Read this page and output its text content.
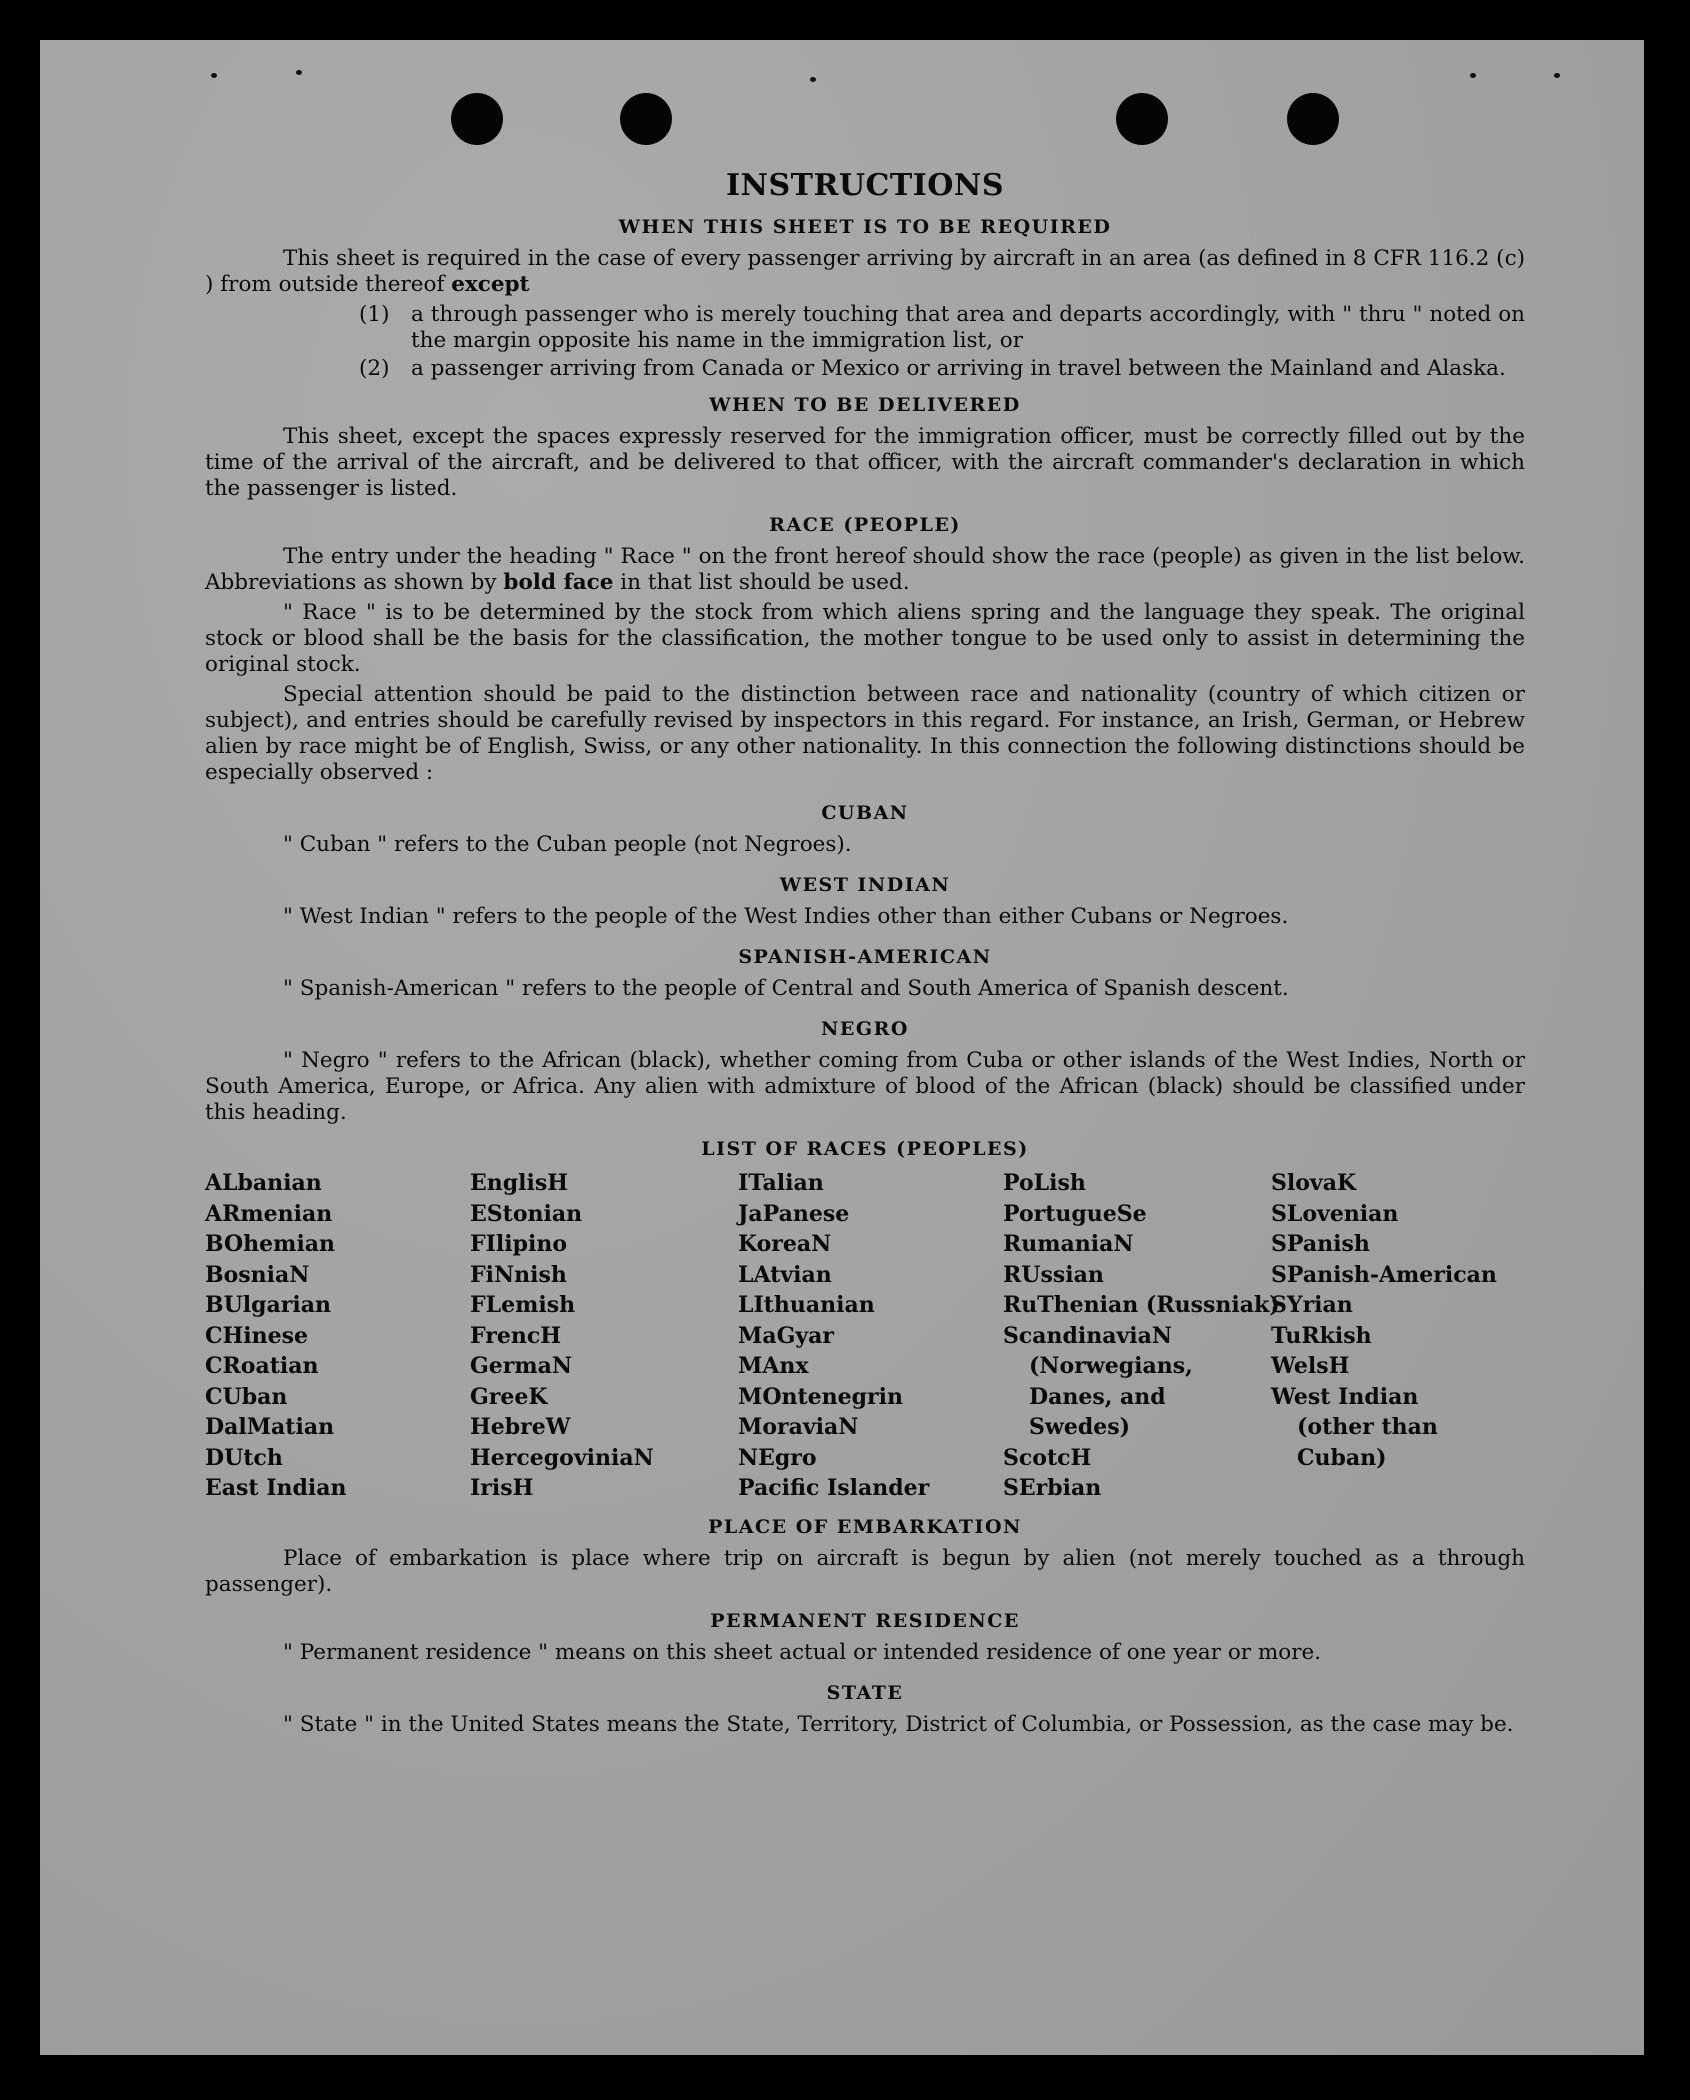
INSTRUCTIONS
WHEN THIS SHEET IS TO BE REQUIRED
This sheet is required in the case of every passenger arriving by aircraft in an area (as defined in 8 CFR 116.2 (c) ) from outside thereof except
(1)	a through passenger who is merely touching that area and departs accordingly, with " thru " noted on the margin opposite his name in the immigration list, or
(2)	a passenger arriving from Canada or Mexico or arriving in travel between the Mainland and Alaska.
WHEN TO BE DELIVERED
This sheet, except the spaces expressly reserved for the immigration officer, must be correctly filled out by the time of the arrival of the aircraft, and be delivered to that officer, with the aircraft commander's declaration in which the passenger is listed.
RACE (PEOPLE)
The entry under the heading " Race " on the front hereof should show the race (people) as given in the list below. Abbreviations as shown by bold face in that list should be used.
" Race " is to be determined by the stock from which aliens spring and the language they speak. The original stock or blood shall be the basis for the classification, the mother tongue to be used only to assist in determining the original stock.
Special attention should be paid to the distinction between race and nationality (country of which citizen or subject), and entries should be carefully revised by inspectors in this regard. For instance, an Irish, German, or Hebrew alien by race might be of English, Swiss, or any other nationality. In this connection the following distinctions should be especially observed :
CUBAN
" Cuban " refers to the Cuban people (not Negroes).
WEST INDIAN
" West Indian " refers to the people of the West Indies other than either Cubans or Negroes.
SPANISH-AMERICAN
" Spanish-American " refers to the people of Central and South America of Spanish descent.
NEGRO
" Negro " refers to the African (black), whether coming from Cuba or other islands of the West Indies, North or South America, Europe, or Africa. Any alien with admixture of blood of the African (black) should be classified under this heading.
LIST OF RACES (PEOPLES)
ALbanian
ARmenian
BOhemian
BosniaN
BUlgarian
CHinese
CRoatian
CUban
DalMatian
DUtch
East Indian
EnglisH
EStonian
FIlipino
FiNnish
FLemish
FrencH
GermaN
GreeK
HebreW
HercegoviniaN
IrisH
ITalian
JaPanese
KoreaN
LAtvian
LIthuanian
MaGyar
MAnx
MOntenegrin
MoraviaN
NEgro
Pacific Islander
PoLish
PortugueSe
RumaniaN
RUssian
RuThenian (Russniak)
ScandinaviaN (Norwegians, Danes, and Swedes)
ScotcH
SErbian
SlovaK
SLovenian
SPanish
SPanish-American
SYrian
TuRkish
WelsH
West Indian (other than Cuban)
PLACE OF EMBARKATION
Place of embarkation is place where trip on aircraft is begun by alien (not merely touched as a through passenger).
PERMANENT RESIDENCE
" Permanent residence " means on this sheet actual or intended residence of one year or more.
STATE
" State " in the United States means the State, Territory, District of Columbia, or Possession, as the case may be.
